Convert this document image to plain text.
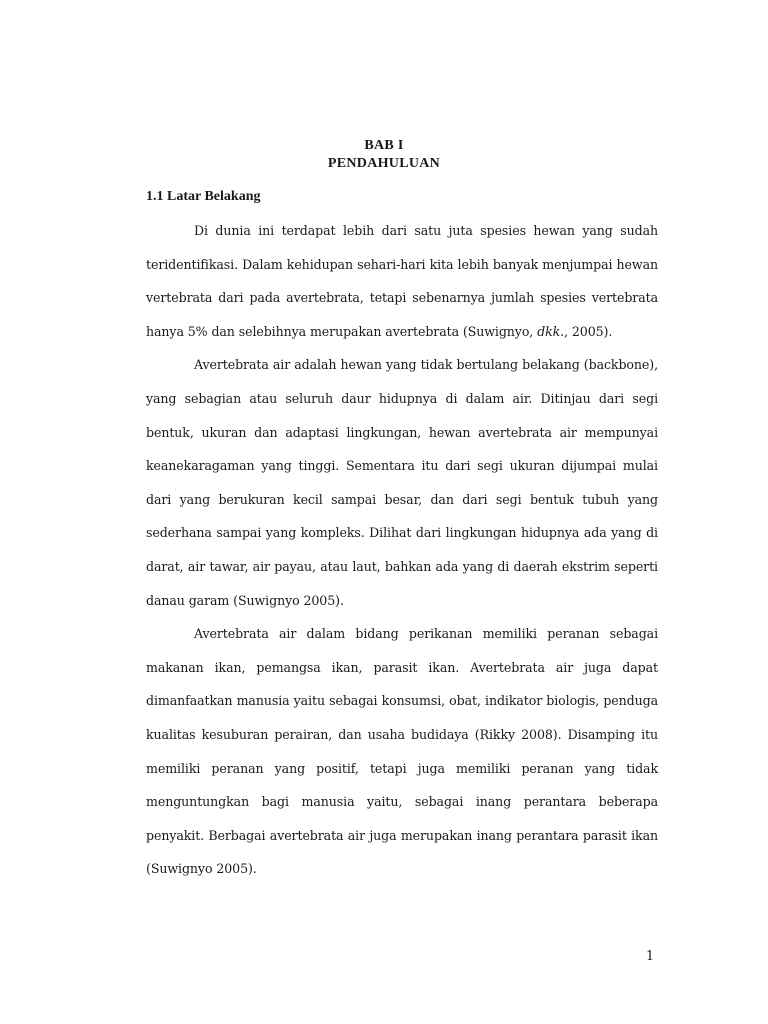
BAB I
PENDAHULUAN
1.1 Latar Belakang

Di dunia ini terdapat lebih dari satu juta spesies hewan yang sudah teridentifikasi. Dalam kehidupan sehari-hari kita lebih banyak menjumpai hewan vertebrata dari pada avertebrata, tetapi sebenarnya jumlah spesies vertebrata hanya 5% dan selebihnya merupakan avertebrata (Suwignyo, dkk., 2005).

Avertebrata air adalah hewan yang tidak bertulang belakang (backbone), yang sebagian atau seluruh daur hidupnya di dalam air. Ditinjau dari segi bentuk, ukuran dan adaptasi lingkungan, hewan avertebrata air mempunyai keanekaragaman yang tinggi. Sementara itu dari segi ukuran dijumpai mulai dari yang berukuran kecil sampai besar, dan dari segi bentuk tubuh yang sederhana sampai yang kompleks. Dilihat dari lingkungan hidupnya ada yang di darat, air tawar, air payau, atau laut, bahkan ada yang di daerah ekstrim seperti danau garam (Suwignyo 2005).

Avertebrata air dalam bidang perikanan memiliki peranan sebagai makanan ikan, pemangsa ikan, parasit ikan. Avertebrata air juga dapat dimanfaatkan manusia yaitu sebagai konsumsi, obat, indikator biologis, penduga kualitas kesuburan perairan, dan usaha budidaya (Rikky 2008). Disamping itu memiliki peranan yang positif, tetapi juga memiliki peranan yang tidak menguntungkan bagi manusia yaitu, sebagai inang perantara beberapa penyakit. Berbagai avertebrata air juga merupakan inang perantara parasit ikan (Suwignyo 2005).

1
